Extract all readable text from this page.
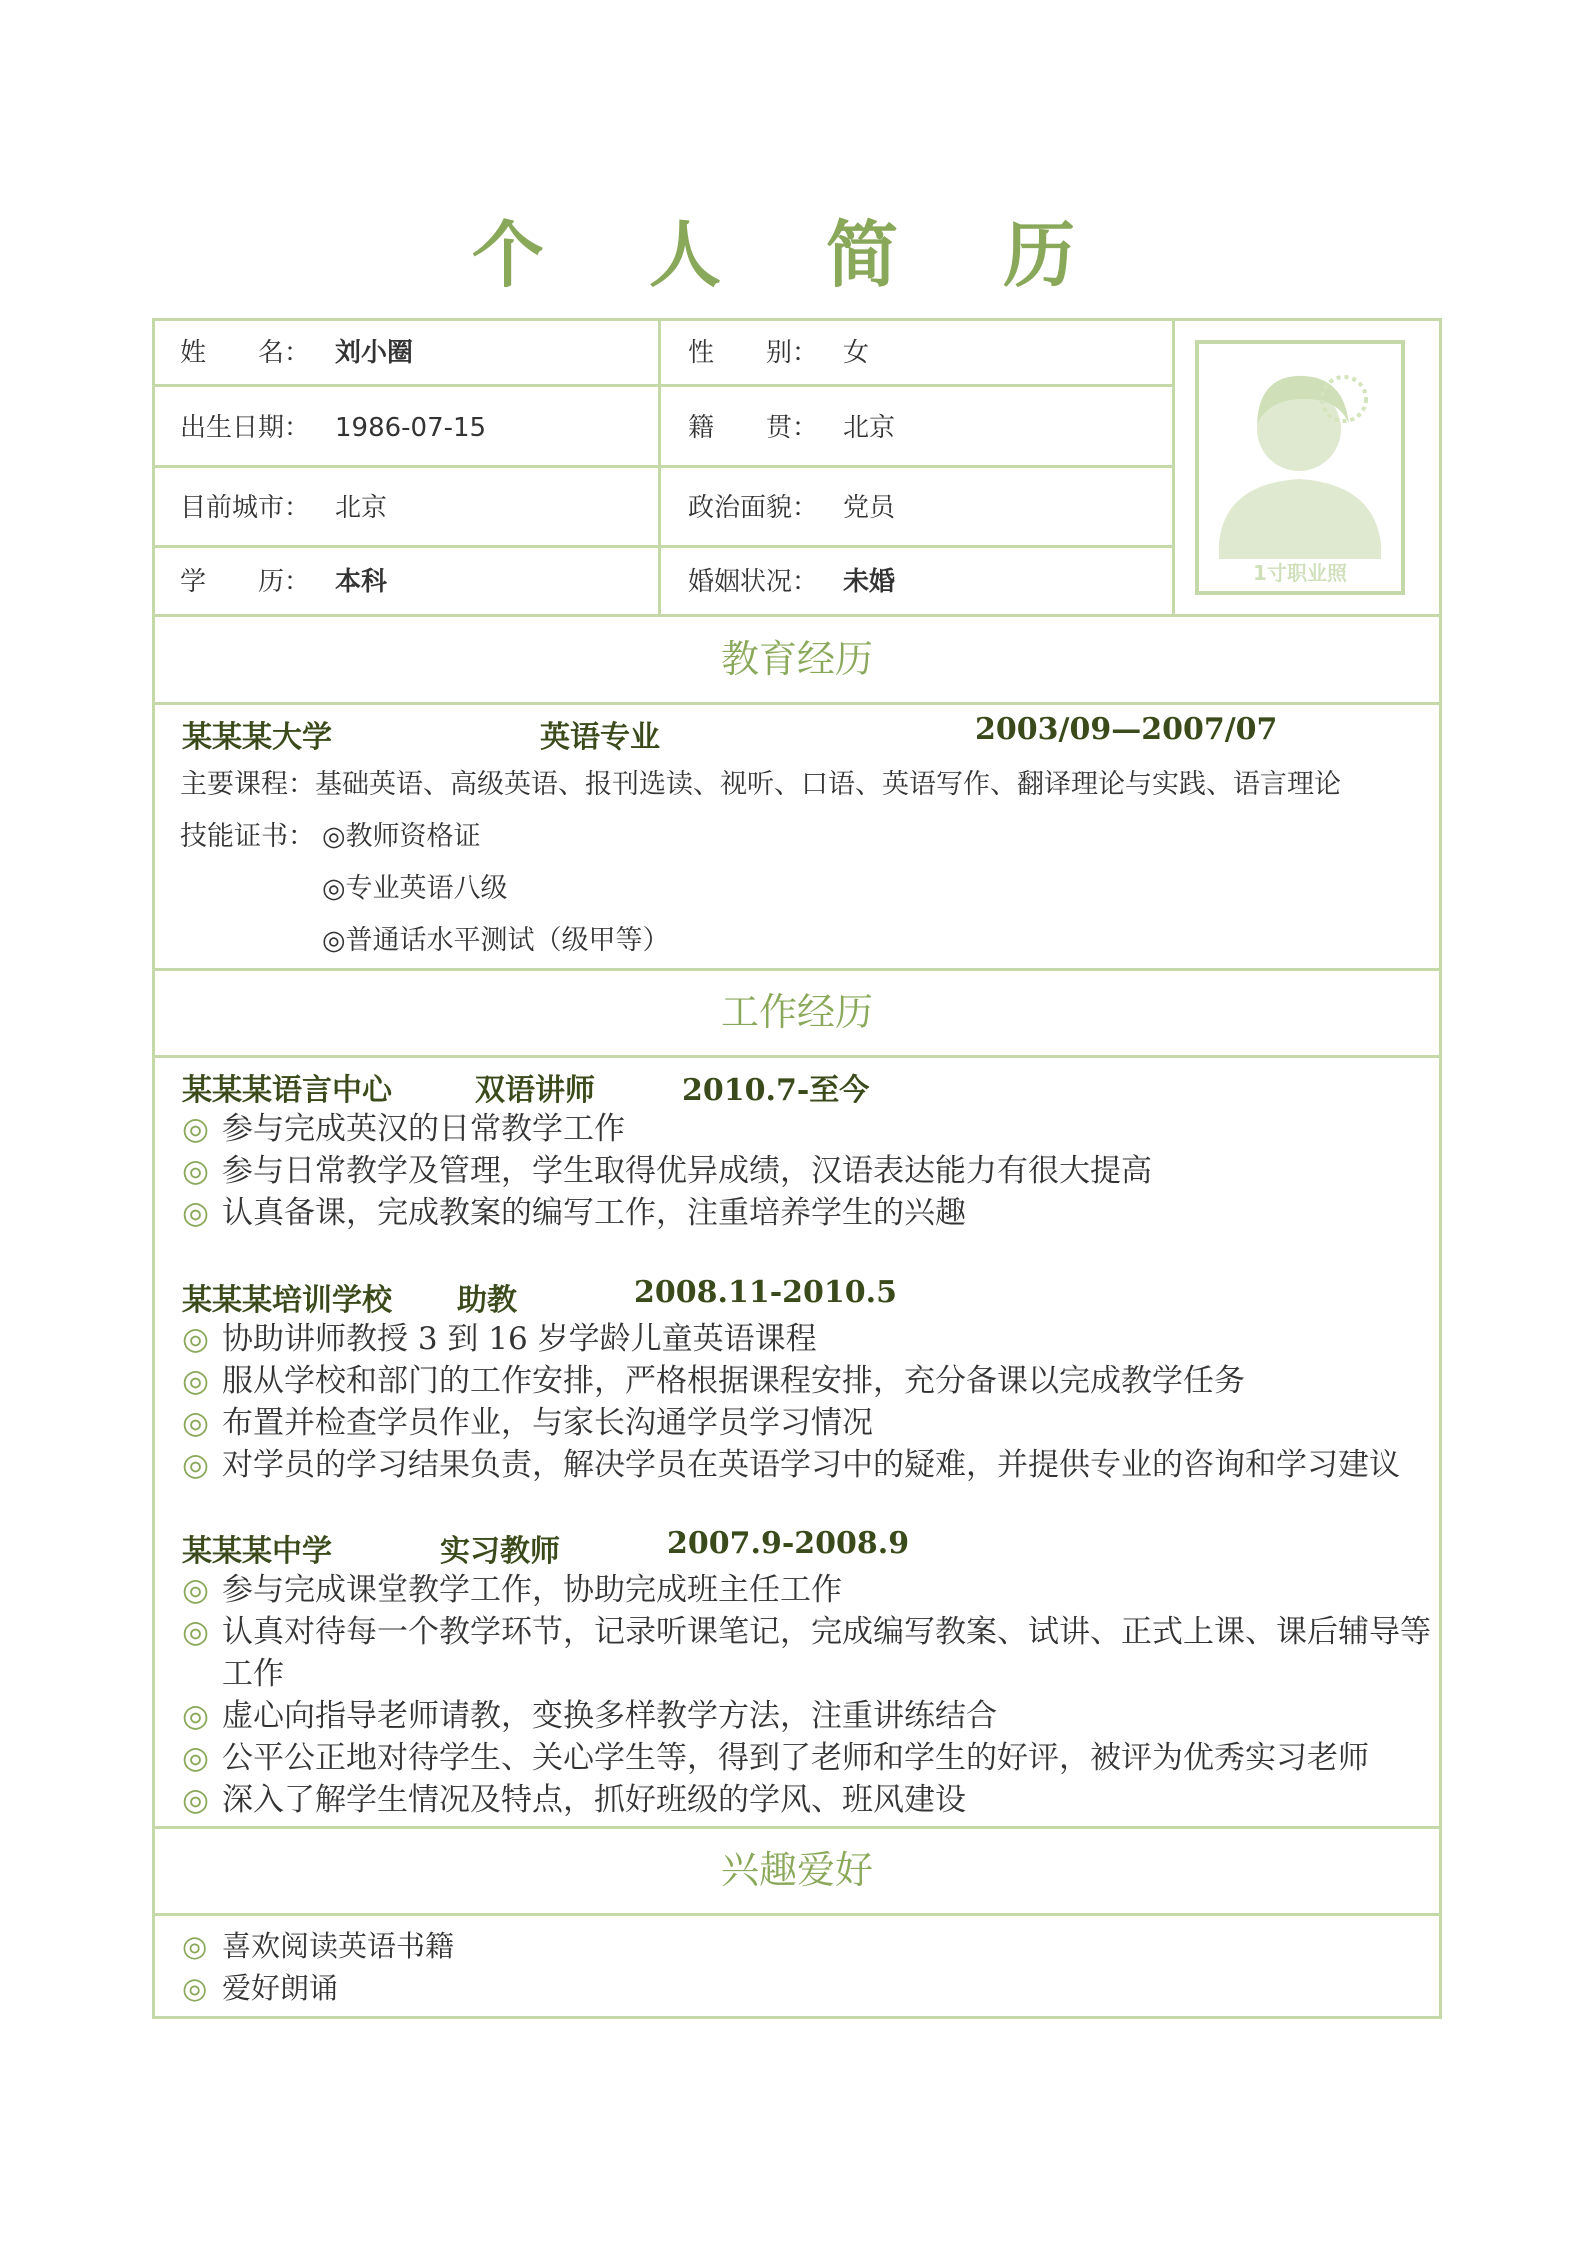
个 人 简 历
姓　　名： 刘小圈	性　　别： 女
出生日期： 1986-07-15	籍　　贯： 北京
目前城市： 北京	政治面貌： 党员
学　　历： 本科	婚姻状况： 未婚	1寸职业照
教育经历
某某某大学	英语专业	2003/09—2007/07
主要课程：基础英语、高级英语、报刊选读、视听、口语、英语写作、翻译理论与实践、语言理论
技能证书： ◎教师资格证
◎专业英语八级
◎普通话水平测试（级甲等）
工作经历
某某某语言中心	双语讲师	2010.7-至今
◎ 参与完成英汉的日常教学工作
◎ 参与日常教学及管理，学生取得优异成绩，汉语表达能力有很大提高
◎ 认真备课，完成教案的编写工作，注重培养学生的兴趣
某某某培训学校 助教	2008.11-2010.5
◎ 协助讲师教授 3 到 16 岁学龄儿童英语课程
◎ 服从学校和部门的工作安排，严格根据课程安排，充分备课以完成教学任务
◎ 布置并检查学员作业，与家长沟通学员学习情况
◎ 对学员的学习结果负责，解决学员在英语学习中的疑难，并提供专业的咨询和学习建议
某某某中学	实习教师	2007.9-2008.9
◎ 参与完成课堂教学工作，协助完成班主任工作
◎ 认真对待每一个教学环节，记录听课笔记，完成编写教案、试讲、正式上课、课后辅导等工作
◎ 虚心向指导老师请教，变换多样教学方法，注重讲练结合
◎ 公平公正地对待学生、关心学生等，得到了老师和学生的好评，被评为优秀实习老师
◎ 深入了解学生情况及特点，抓好班级的学风、班风建设
兴趣爱好
◎ 喜欢阅读英语书籍
◎ 爱好朗诵
